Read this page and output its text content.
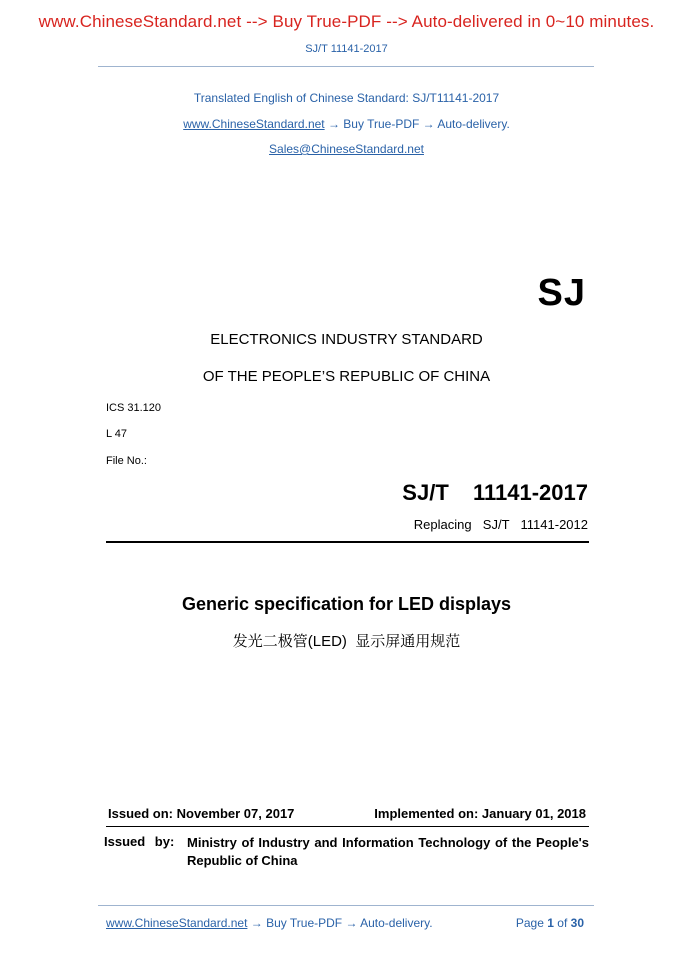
www.ChineseStandard.net --> Buy True-PDF --> Auto-delivered in 0~10 minutes.
SJ/T 11141-2017
Translated English of Chinese Standard: SJ/T11141-2017
www.ChineseStandard.net → Buy True-PDF → Auto-delivery.
Sales@ChineseStandard.net
SJ
ELECTRONICS INDUSTRY STANDARD
OF THE PEOPLE’S REPUBLIC OF CHINA
ICS 31.120
L 47
File No.:
SJ/T  11141-2017
Replacing  SJ/T  11141-2012
Generic specification for LED displays
发光二极管(LED)  显示屏通用规范
Issued on: November 07, 2017	Implemented on: January 01, 2018
Issued by: Ministry of Industry and Information Technology of the People's Republic of China
www.ChineseStandard.net → Buy True-PDF → Auto-delivery.	Page 1 of 30
